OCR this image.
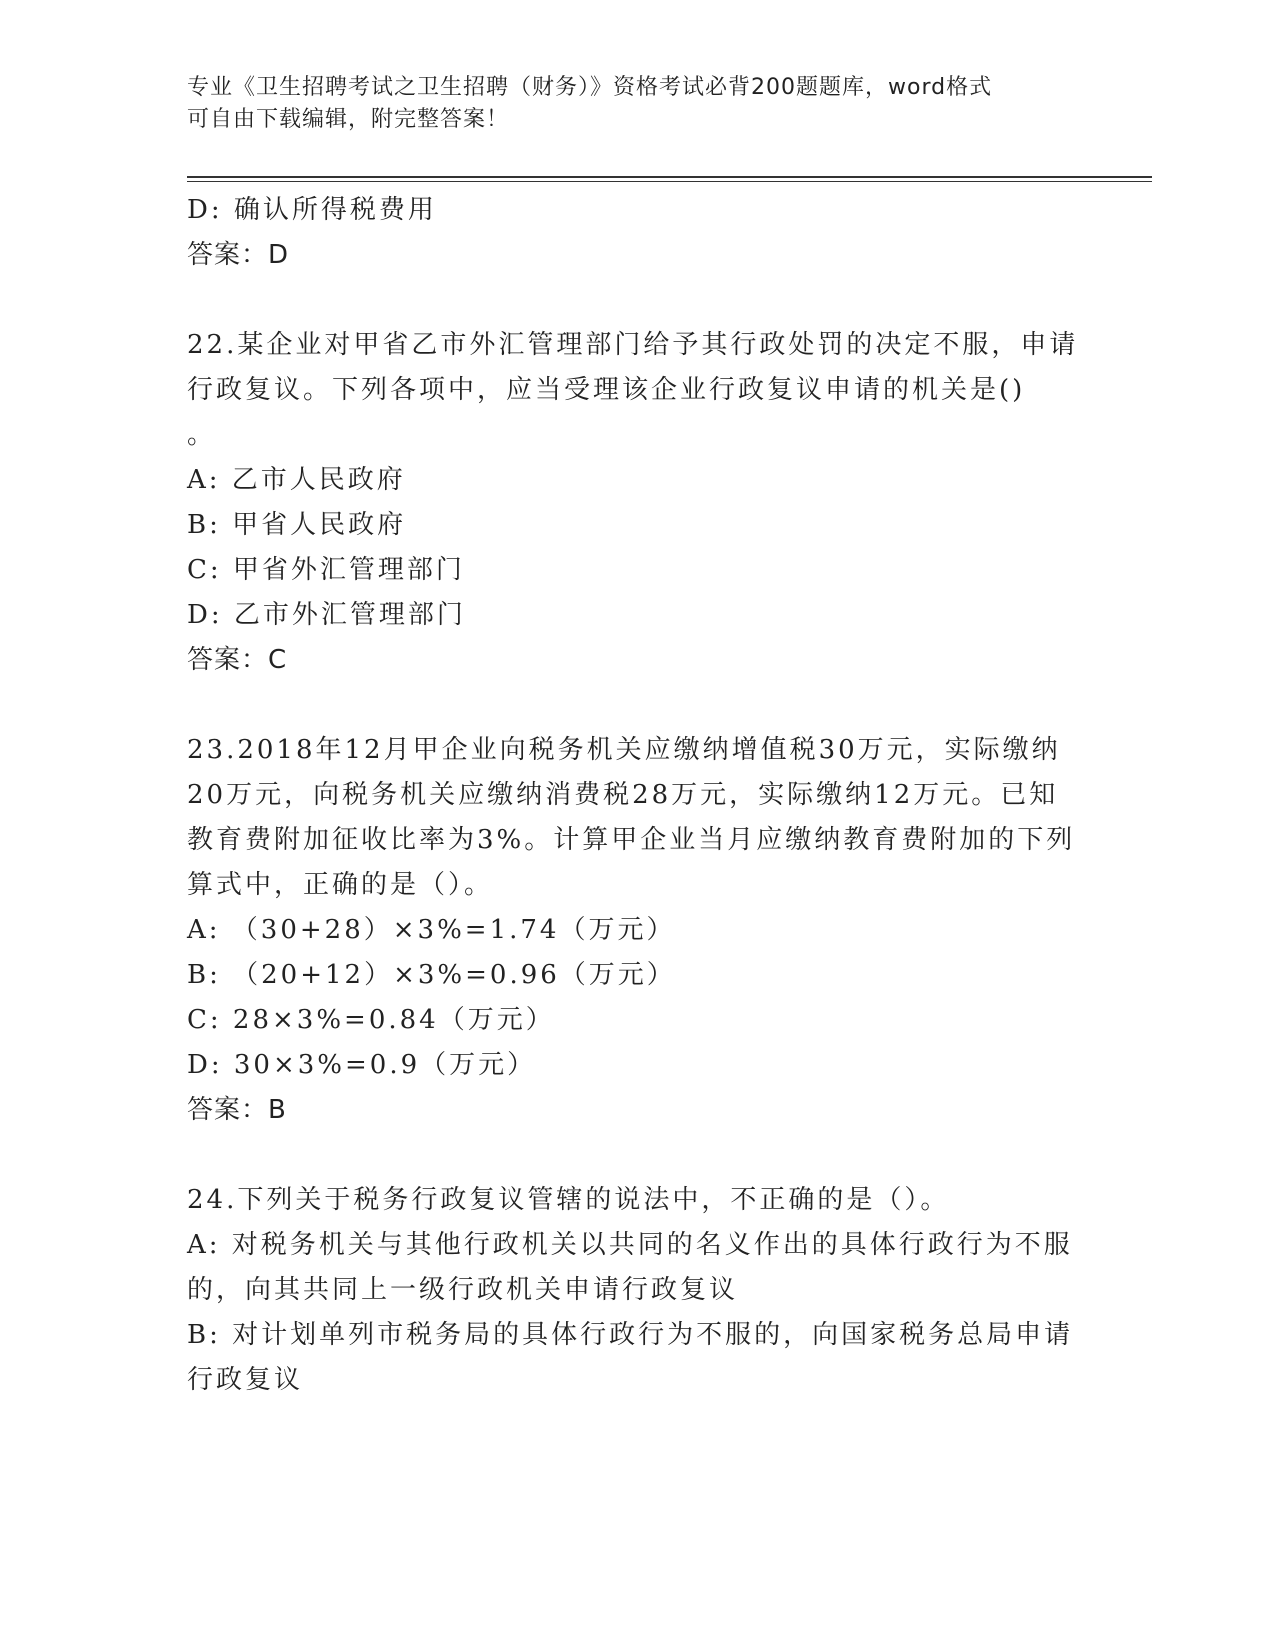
专业《卫生招聘考试之卫生招聘（财务）》资格考试必背200题题库，word格式
可自由下载编辑，附完整答案！
D: 确认所得税费用
答案：D
22.某企业对甲省乙市外汇管理部门给予其行政处罚的决定不服，申请
行政复议。下列各项中，应当受理该企业行政复议申请的机关是()
。
A: 乙市人民政府
B: 甲省人民政府
C: 甲省外汇管理部门
D: 乙市外汇管理部门
答案：C
23.2018年12月甲企业向税务机关应缴纳增值税30万元，实际缴纳
20万元，向税务机关应缴纳消费税28万元，实际缴纳12万元。已知
教育费附加征收比率为3%。计算甲企业当月应缴纳教育费附加的下列
算式中，正确的是（）。
A: （30+28）×3%=1.74（万元）
B: （20+12）×3%=0.96（万元）
C: 28×3%=0.84（万元）
D: 30×3%=0.9（万元）
答案：B
24.下列关于税务行政复议管辖的说法中，不正确的是（）。
A: 对税务机关与其他行政机关以共同的名义作出的具体行政行为不服
的，向其共同上一级行政机关申请行政复议
B: 对计划单列市税务局的具体行政行为不服的，向国家税务总局申请
行政复议
